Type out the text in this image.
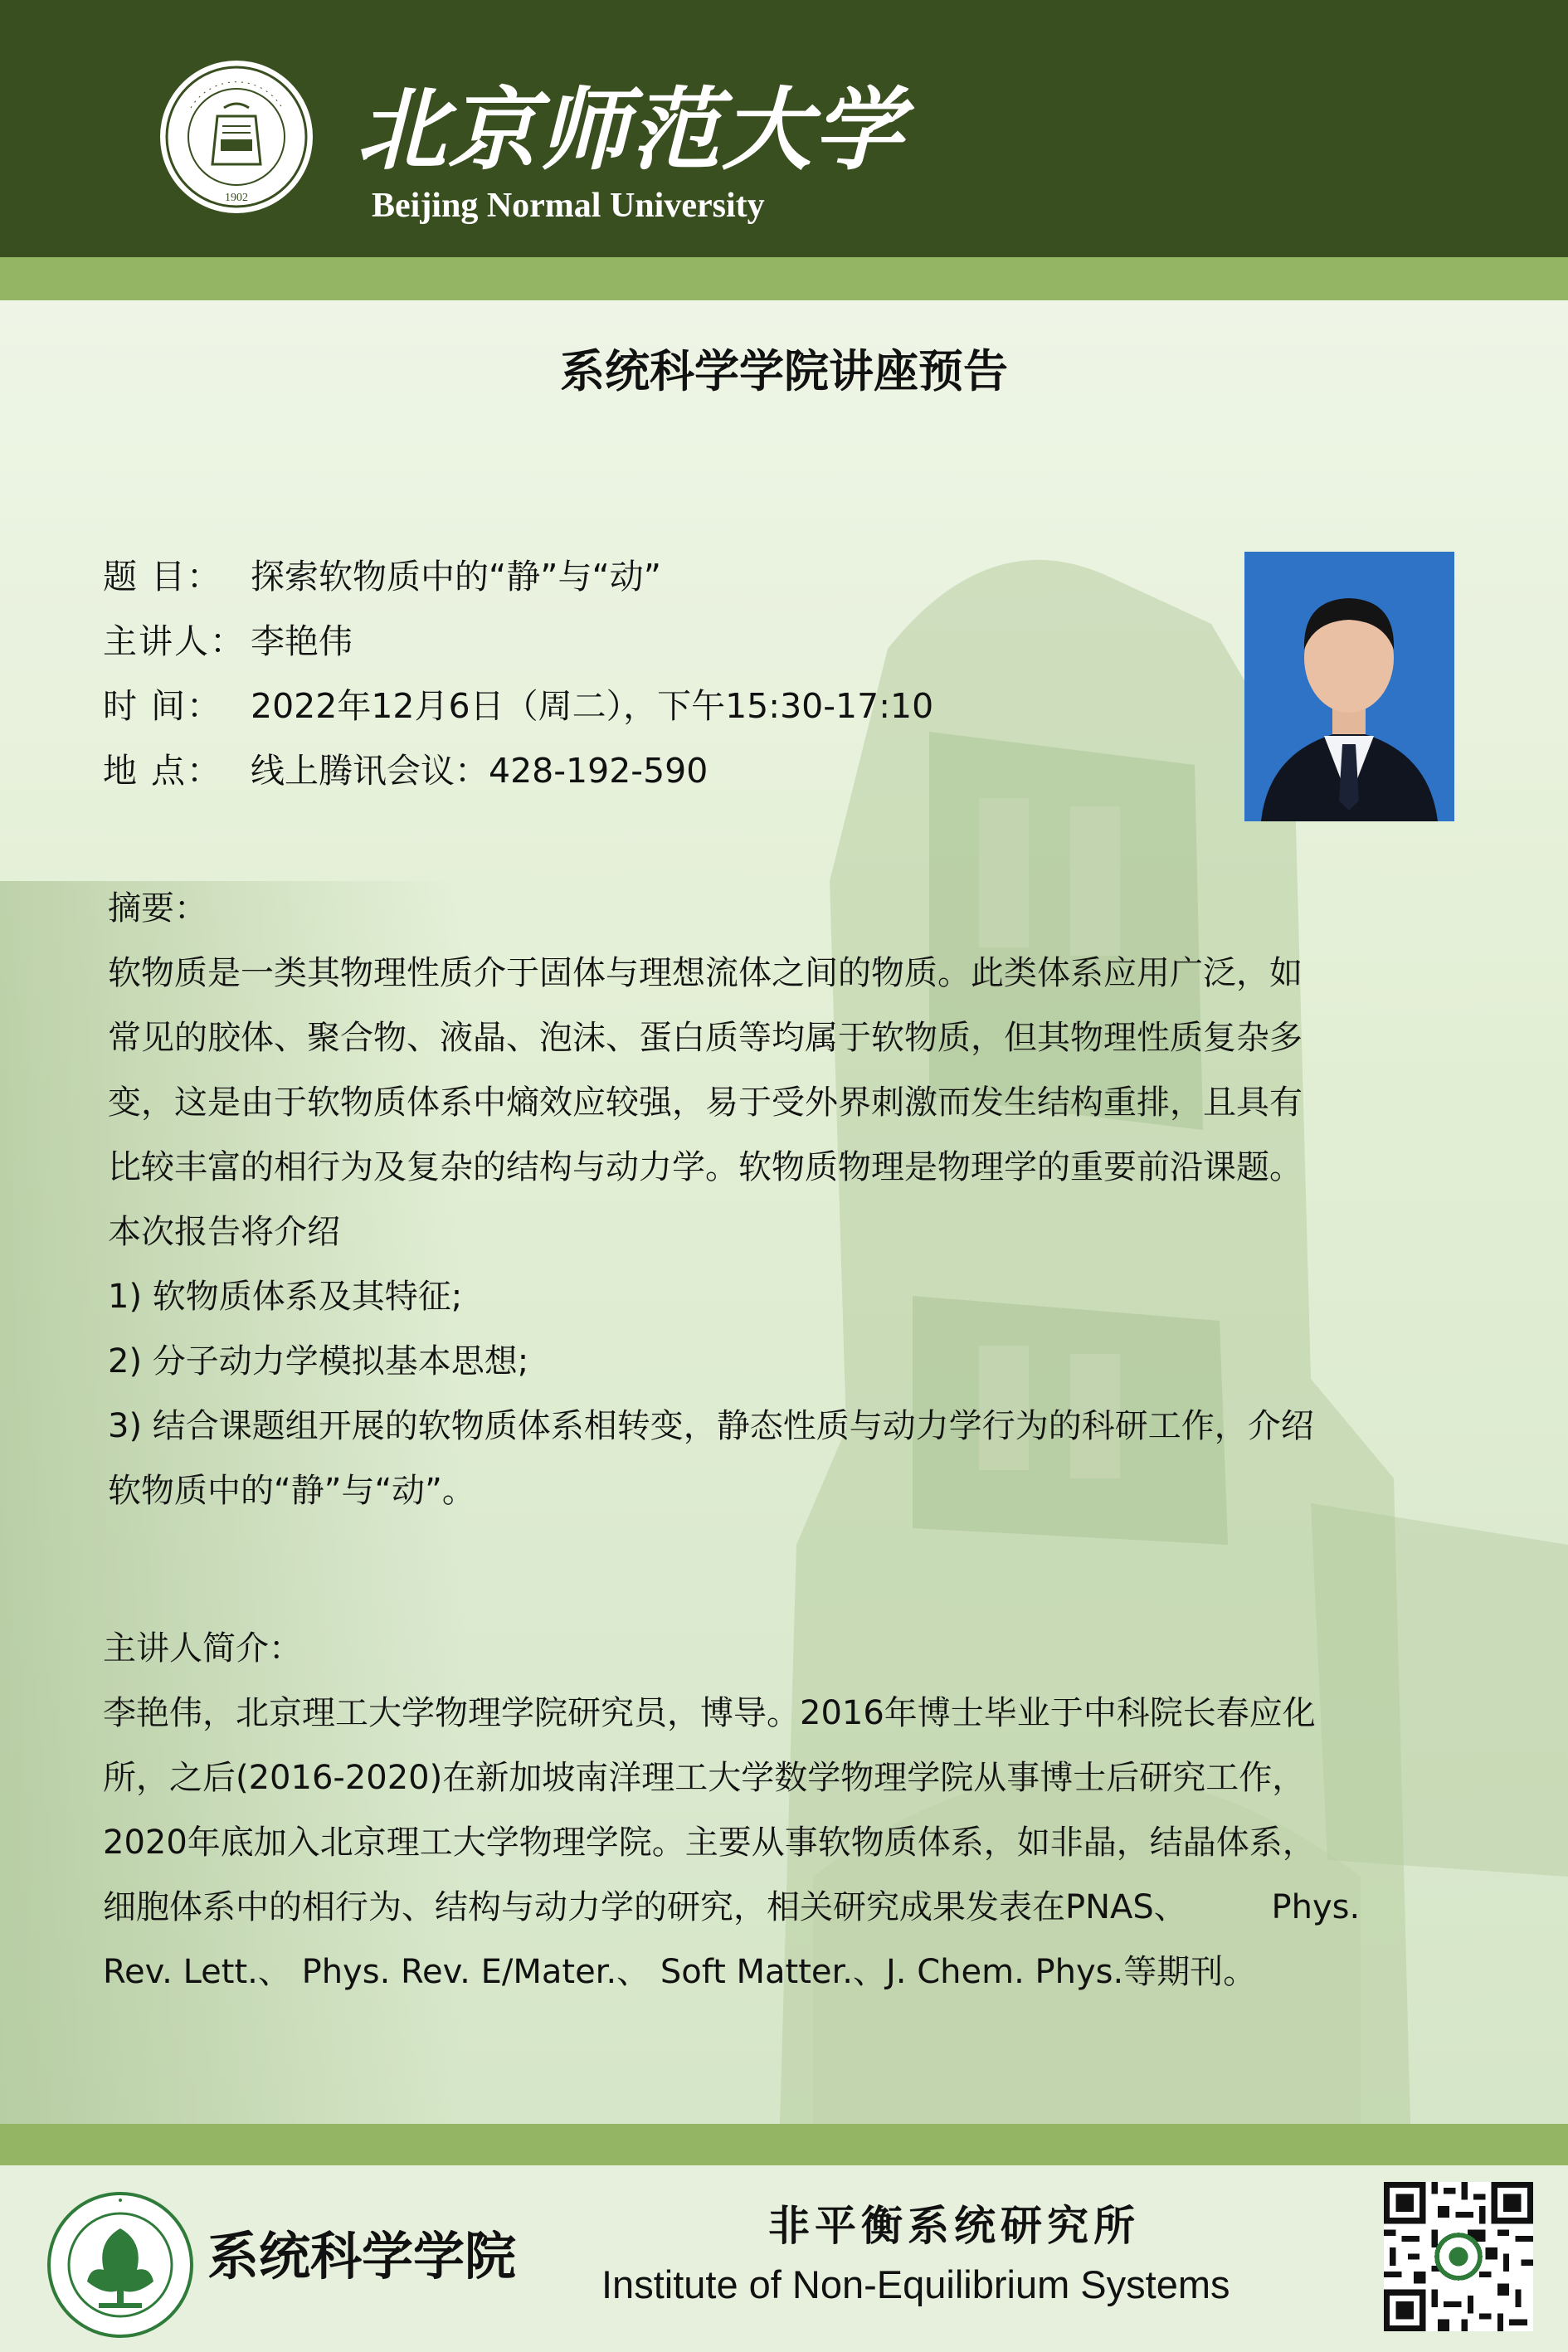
1902
北京师范大学
Beijing Normal University
系统科学学院讲座预告
题 目： 探索软物质中的“静”与“动”
主讲人： 李艳伟
时 间： 2022年12月6日（周二），下午15:30-17:10
地 点： 线上腾讯会议：428-192-590
摘要：
软物质是一类其物理性质介于固体与理想流体之间的物质。此类体系应用广泛，如
常见的胶体、聚合物、液晶、泡沫、蛋白质等均属于软物质，但其物理性质复杂多
变，这是由于软物质体系中熵效应较强，易于受外界刺激而发生结构重排，且具有
比较丰富的相行为及复杂的结构与动力学。软物质物理是物理学的重要前沿课题。
本次报告将介绍
1) 软物质体系及其特征;
2) 分子动力学模拟基本思想;
3) 结合课题组开展的软物质体系相转变，静态性质与动力学行为的科研工作，介绍
软物质中的“静”与“动”。
主讲人简介：
李艳伟，北京理工大学物理学院研究员，博导。2016年博士毕业于中科院长春应化
所，之后(2016-2020)在新加坡南洋理工大学数学物理学院从事博士后研究工作，
2020年底加入北京理工大学物理学院。主要从事软物质体系，如非晶，结晶体系，
细胞体系中的相行为、结构与动力学的研究，相关研究成果发表在PNAS、        Phys.
Rev. Lett.、 Phys. Rev. E/Mater.、 Soft Matter.、J. Chem. Phys.等期刊。
系统科学学院
非平衡系统研究所
Institute of Non-Equilibrium Systems
